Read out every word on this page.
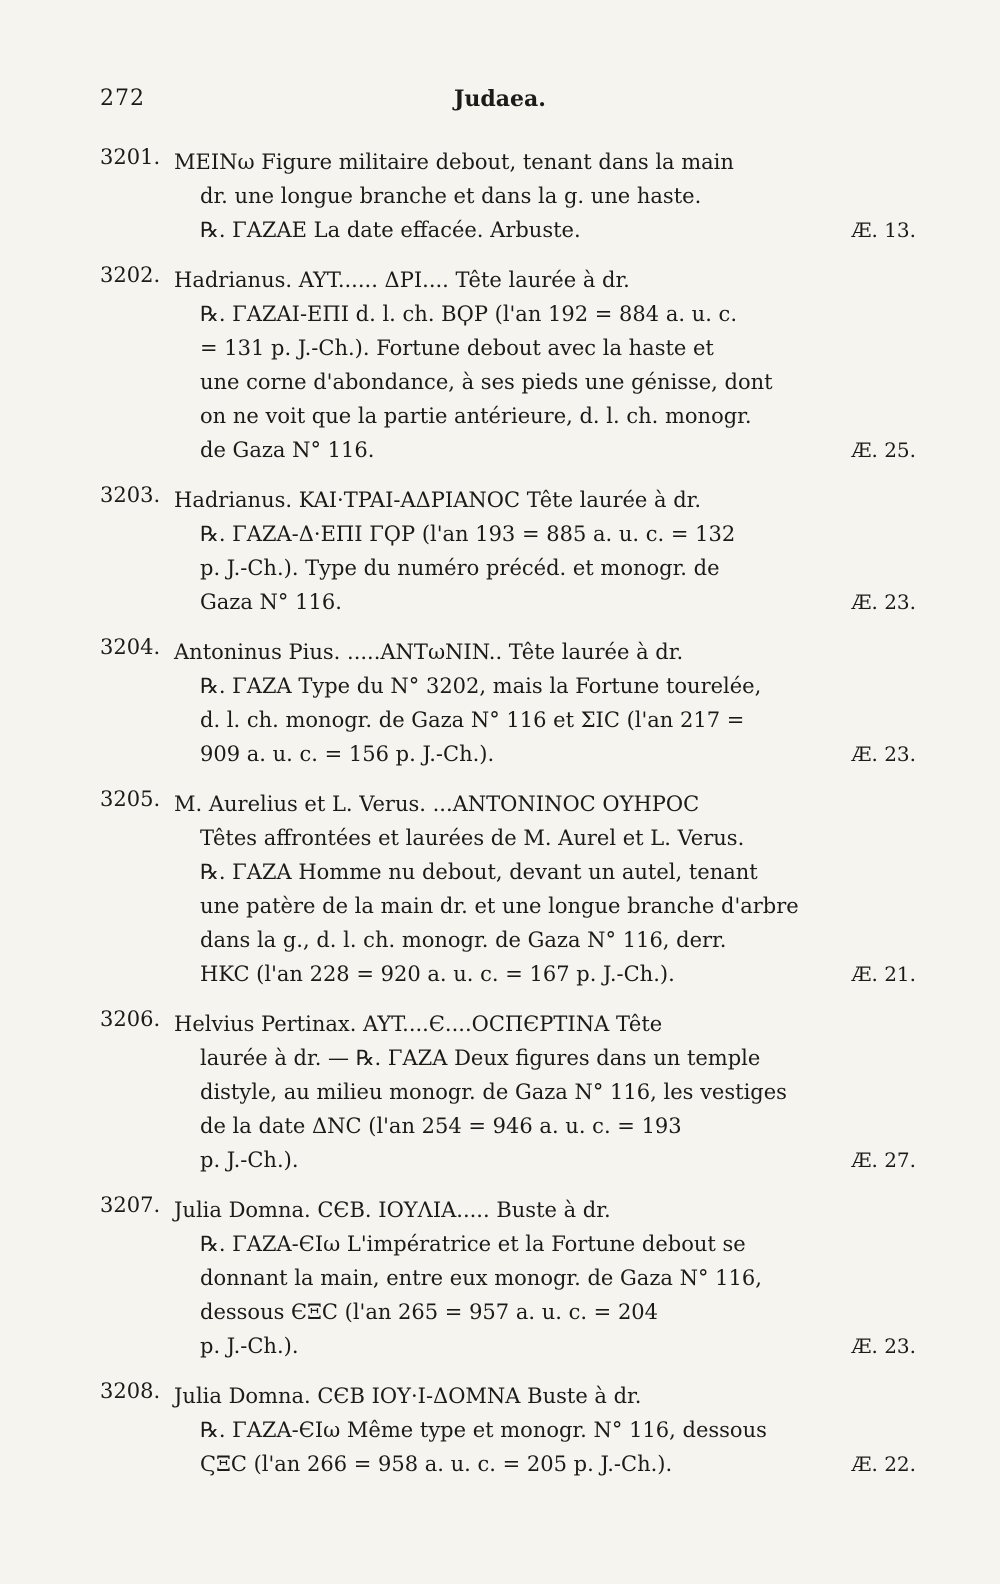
272	Judaea.
3201. MEINω Figure militaire debout, tenant dans la main
dr. une longue branche et dans la g. une haste.
℞. ΓAZAE La date effacée. Arbuste.	Æ. 13.
3202. Hadrianus. AYT...... ΔPI.... Tête laurée à dr.
℞. ΓAZAI-EΠI d. l. ch. BϘP (l'an 192 = 884 a. u. c.
= 131 p. J.-Ch.). Fortune debout avec la haste et
une corne d'abondance, à ses pieds une génisse, dont
on ne voit que la partie antérieure, d. l. ch. monogr.
de Gaza N° 116.	Æ. 25.
3203. Hadrianus. KAI·TPAI-AΔPIANOC Tête laurée à dr.
℞. ΓAZA-Δ·EΠI ΓϘP (l'an 193 = 885 a. u. c. = 132
p. J.-Ch.). Type du numéro précéd. et monogr. de
Gaza N° 116.	Æ. 23.
3204. Antoninus Pius. .....ANTωNIN.. Tête laurée à dr.
℞. ΓAZA Type du N° 3202, mais la Fortune tourelée,
d. l. ch. monogr. de Gaza N° 116 et ΣIC (l'an 217 =
909 a. u. c. = 156 p. J.-Ch.).	Æ. 23.
3205. M. Aurelius et L. Verus. ...ANTONINOC OYHPOC
Têtes affrontées et laurées de M. Aurel et L. Verus.
℞. ΓAZA Homme nu debout, devant un autel, tenant
une patère de la main dr. et une longue branche d'arbre
dans la g., d. l. ch. monogr. de Gaza N° 116, derr.
HKC (l'an 228 = 920 a. u. c. = 167 p. J.-Ch.).	Æ. 21.
3206. Helvius Pertinax. AYT....Є....OCΠЄPTINA Tête
laurée à dr. — ℞. ΓAZA Deux figures dans un temple
distyle, au milieu monogr. de Gaza N° 116, les vestiges
de la date ΔNC (l'an 254 = 946 a. u. c. = 193
p. J.-Ch.).	Æ. 27.
3207. Julia Domna. CЄB. IOYΛIA..... Buste à dr.
℞. ΓAZA-ЄIω L'impératrice et la Fortune debout se
donnant la main, entre eux monogr. de Gaza N° 116,
dessous ЄΞC (l'an 265 = 957 a. u. c. = 204
p. J.-Ch.).	Æ. 23.
3208. Julia Domna. CЄB IOY·I-ΔOMNA Buste à dr.
℞. ΓAZA-ЄIω Même type et monogr. N° 116, dessous
ϚΞC (l'an 266 = 958 a. u. c. = 205 p. J.-Ch.).	Æ. 22.
